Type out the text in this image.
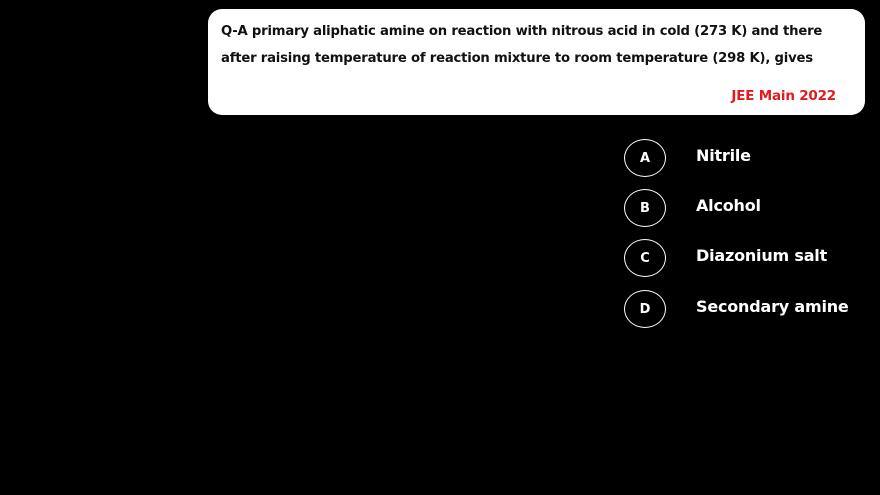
Q-A primary aliphatic amine on reaction with nitrous acid in cold (273 K) and there after raising temperature of reaction mixture to room temperature (298 K), gives

JEE Main 2022
A	Nitrile
B	Alcohol
C	Diazonium salt
D	Secondary amine
